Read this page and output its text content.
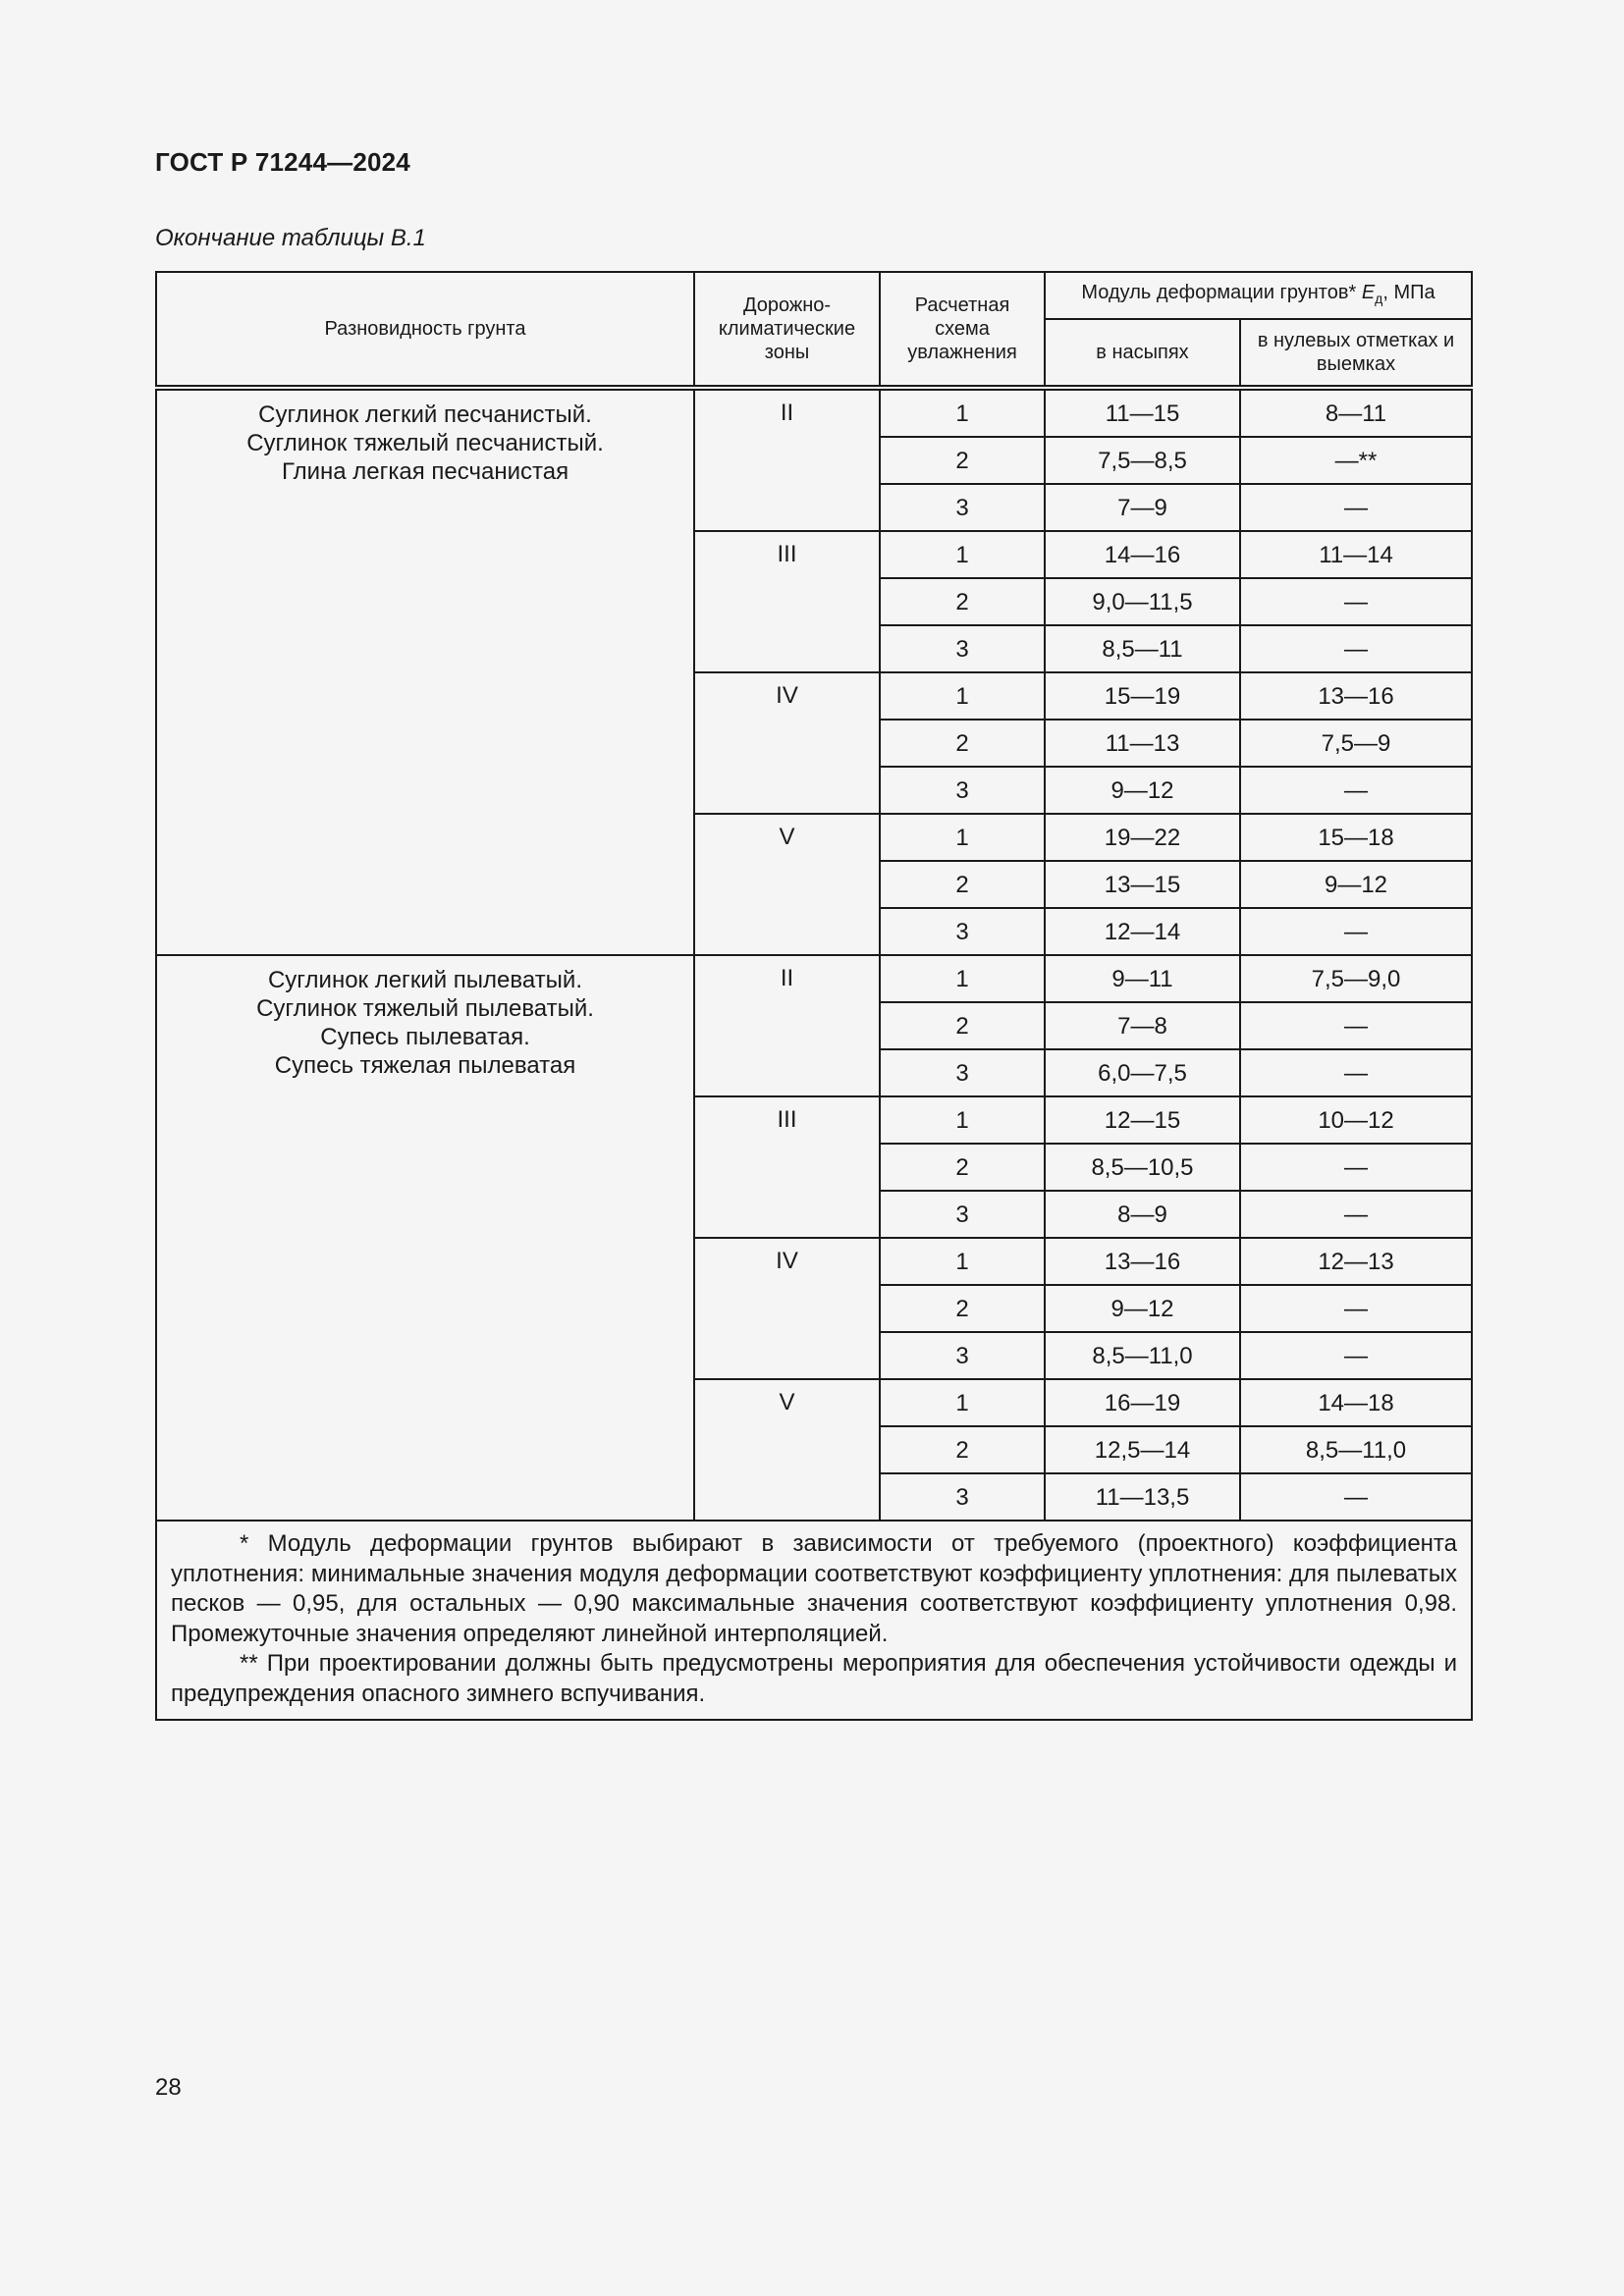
ГОСТ Р 71244—2024
Окончание таблицы В.1
Разновидность грунта	Дорожно-климатические зоны	Расчетная схема увлажнения	Модуль деформации грунтов* $E_д$, МПа	
			в насыпях	в нулевых отметках и выемках

Суглинок легкий песчанистый.
Суглинок тяжелый песчанистый.
Глина легкая песчанистая	II	1	11—15	8—11
		2	7,5—8,5	—**
		3	7—9	—
	III	1	14—16	11—14
		2	9,0—11,5	—
		3	8,5—11	—
	IV	1	15—19	13—16
		2	11—13	7,5—9
		3	9—12	—
	V	1	19—22	15—18
		2	13—15	9—12
		3	12—14	—

Суглинок легкий пылеватый.
Суглинок тяжелый пылеватый.
Супесь пылеватая.
Супесь тяжелая пылеватая	II	1	9—11	7,5—9,0
		2	7—8	—
		3	6,0—7,5	—
	III	1	12—15	10—12
		2	8,5—10,5	—
		3	8—9	—
	IV	1	13—16	12—13
		2	9—12	—
		3	8,5—11,0	—
	V	1	16—19	14—18
		2	12,5—14	8,5—11,0
		3	11—13,5	—

* Модуль деформации грунтов выбирают в зависимости от требуемого (проектного) коэффициента уплотнения: минимальные значения модуля деформации соответствуют коэффициенту уплотнения: для пылеватых песков — 0,95, для остальных — 0,90 максимальные значения соответствуют коэффициенту уплотнения 0,98. Промежуточные значения определяют линейной интерполяцией.
** При проектировании должны быть предусмотрены мероприятия для обеспечения устойчивости одежды и предупреждения опасного зимнего вспучивания.				
28
